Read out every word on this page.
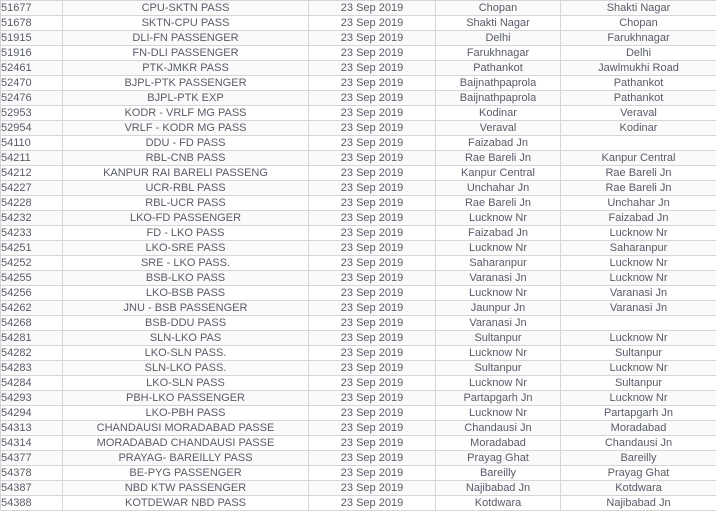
51677	CPU-SKTN PASS	23 Sep 2019	Chopan	Shakti Nagar
51678	SKTN-CPU PASS	23 Sep 2019	Shakti Nagar	Chopan
51915	DLI-FN PASSENGER	23 Sep 2019	Delhi	Farukhnagar
51916	FN-DLI PASSENGER	23 Sep 2019	Farukhnagar	Delhi
52461	PTK-JMKR PASS	23 Sep 2019	Pathankot	Jawlmukhi Road
52470	BJPL-PTK PASSENGER	23 Sep 2019	Baijnathpaprola	Pathankot
52476	BJPL-PTK EXP	23 Sep 2019	Baijnathpaprola	Pathankot
52953	KODR - VRLF MG PASS	23 Sep 2019	Kodinar	Veraval
52954	VRLF - KODR MG PASS	23 Sep 2019	Veraval	Kodinar
54110	DDU - FD PASS	23 Sep 2019	Faizabad Jn	
54211	RBL-CNB PASS	23 Sep 2019	Rae Bareli Jn	Kanpur Central
54212	KANPUR RAI BARELI PASSENG	23 Sep 2019	Kanpur Central	Rae Bareli Jn
54227	UCR-RBL PASS	23 Sep 2019	Unchahar Jn	Rae Bareli Jn
54228	RBL-UCR PASS	23 Sep 2019	Rae Bareli Jn	Unchahar Jn
54232	LKO-FD PASSENGER	23 Sep 2019	Lucknow Nr	Faizabad Jn
54233	FD - LKO PASS	23 Sep 2019	Faizabad Jn	Lucknow Nr
54251	LKO-SRE PASS	23 Sep 2019	Lucknow Nr	Saharanpur
54252	SRE - LKO PASS.	23 Sep 2019	Saharanpur	Lucknow Nr
54255	BSB-LKO PASS	23 Sep 2019	Varanasi Jn	Lucknow Nr
54256	LKO-BSB PASS	23 Sep 2019	Lucknow Nr	Varanasi Jn
54262	JNU - BSB PASSENGER	23 Sep 2019	Jaunpur Jn	Varanasi Jn
54268	BSB-DDU PASS	23 Sep 2019	Varanasi Jn	
54281	SLN-LKO PAS	23 Sep 2019	Sultanpur	Lucknow Nr
54282	LKO-SLN PASS.	23 Sep 2019	Lucknow Nr	Sultanpur
54283	SLN-LKO PASS.	23 Sep 2019	Sultanpur	Lucknow Nr
54284	LKO-SLN PASS	23 Sep 2019	Lucknow Nr	Sultanpur
54293	PBH-LKO PASSENGER	23 Sep 2019	Partapgarh Jn	Lucknow Nr
54294	LKO-PBH PASS	23 Sep 2019	Lucknow Nr	Partapgarh Jn
54313	CHANDAUSI MORADABAD PASSE	23 Sep 2019	Chandausi Jn	Moradabad
54314	MORADABAD CHANDAUSI PASSE	23 Sep 2019	Moradabad	Chandausi Jn
54377	PRAYAG- BAREILLY PASS	23 Sep 2019	Prayag Ghat	Bareilly
54378	BE-PYG PASSENGER	23 Sep 2019	Bareilly	Prayag Ghat
54387	NBD KTW PASSENGER	23 Sep 2019	Najibabad Jn	Kotdwara
54388	KOTDEWAR NBD PASS	23 Sep 2019	Kotdwara	Najibabad Jn
